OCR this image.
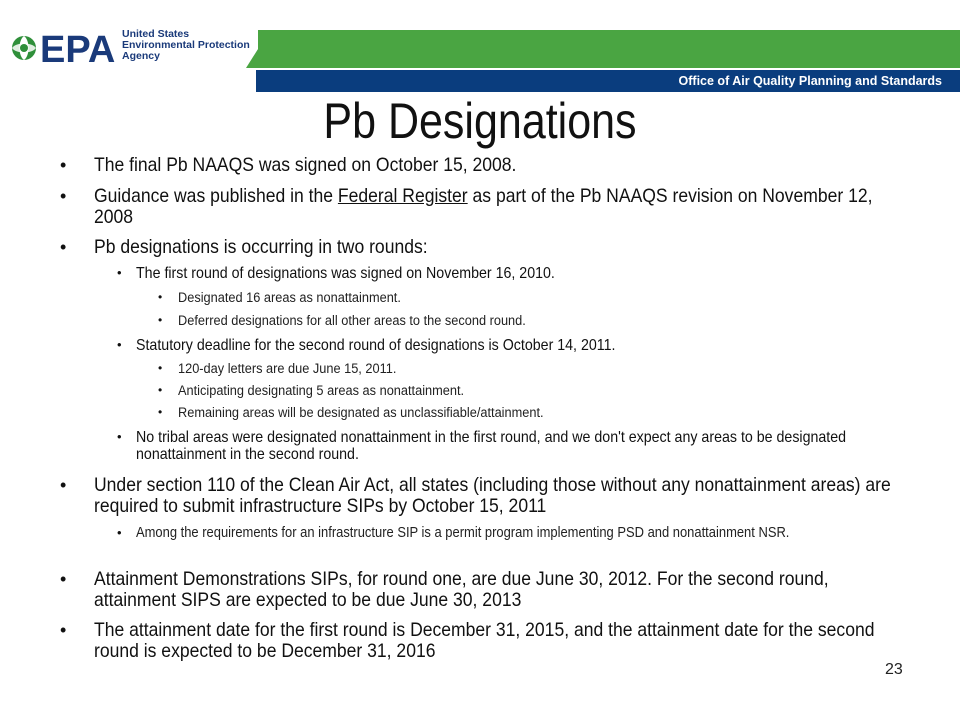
EPA United States
Environmental Protection
Agency
Office of Air Quality Planning and Standards
Pb Designations
• The final Pb NAAQS was signed on October 15, 2008.
• Guidance was published in the Federal Register as part of the Pb NAAQS revision on November 12, 2008
• Pb designations is occurring in two rounds:
• The first round of designations was signed on November 16, 2010.
• Designated 16 areas as nonattainment.
• Deferred designations for all other areas to the second round.
• Statutory deadline for the second round of designations is October 14, 2011.
• 120-day letters are due June 15, 2011.
• Anticipating designating 5 areas as nonattainment.
• Remaining areas will be designated as unclassifiable/attainment.
• No tribal areas were designated nonattainment in the first round, and we don't expect any areas to be designated nonattainment in the second round.
• Under section 110 of the Clean Air Act, all states (including those without any nonattainment areas) are required to submit infrastructure SIPs by October 15, 2011
• Among the requirements for an infrastructure SIP is a permit program implementing PSD and nonattainment NSR.
• Attainment Demonstrations SIPs, for round one, are due June 30, 2012. For the second round, attainment SIPS are expected to be due June 30, 2013
• The attainment date for the first round is December 31, 2015, and the attainment date for the second round is expected to be December 31, 2016
23
